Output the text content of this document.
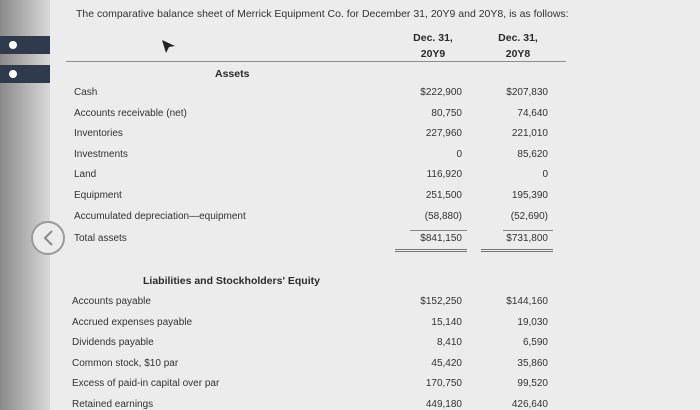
The comparative balance sheet of Merrick Equipment Co. for December 31, 20Y9 and 20Y8, is as follows:
Dec. 31,
20Y9
Dec. 31,
20Y8
Assets
Cash	$222,900	$207,830
Accounts receivable (net)	80,750	74,640
Inventories	227,960	221,010
Investments	0	85,620
Land	116,920	0
Equipment	251,500	195,390
Accumulated depreciation—equipment	(58,880)	(52,690)
Total assets	$841,150	$731,800
Liabilities and Stockholders' Equity
Accounts payable	$152,250	$144,160
Accrued expenses payable	15,140	19,030
Dividends payable	8,410	6,590
Common stock, $10 par	45,420	35,860
Excess of paid-in capital over par	170,750	99,520
Retained earnings	449,180	426,640
